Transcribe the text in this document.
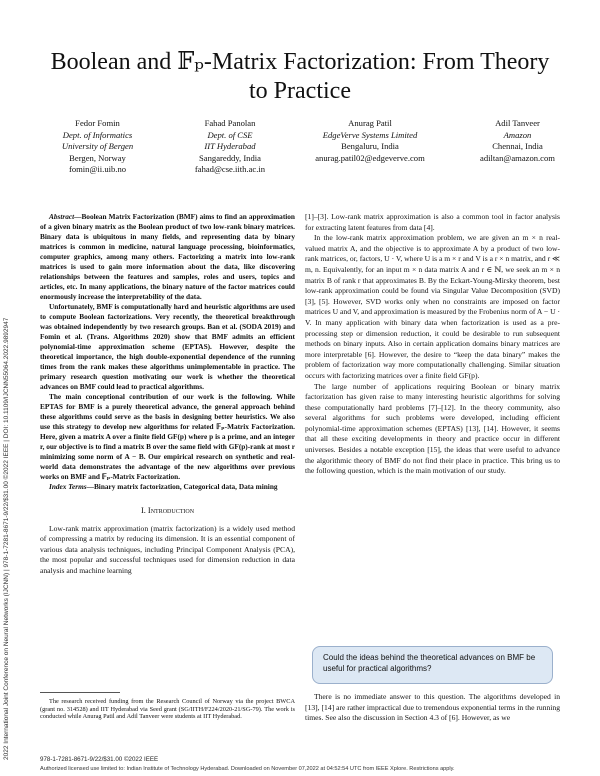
Boolean and 𝔽ₚ-Matrix Factorization: From Theory to Practice
Fedor Fomin
Dept. of Informatics
University of Bergen
Bergen, Norway
fomin@ii.uib.no
Fahad Panolan
Dept. of CSE
IIT Hyderabad
Sangareddy, India
fahad@cse.iith.ac.in
Anurag Patil
EdgeVerve Systems Limited
Bengaluru, India
anurag.patil02@edgeverve.com
Adil Tanveer
Amazon
Chennai, India
adiltan@amazon.com

Abstract—Boolean Matrix Factorization (BMF) aims to find an approximation of a given binary matrix as the Boolean product of two low-rank binary matrices. Binary data is ubiquitous in many fields, and representing data by binary matrices is common in medicine, natural language processing, bioinformatics, computer graphics, among many others. Factorizing a matrix into low-rank matrices is used to gain more information about the data, like discovering relationships between the features and samples, roles and users, topics and articles, etc. In many applications, the binary nature of the factor matrices could enormously increase the interpretability of the data.

Unfortunately, BMF is computationally hard and heuristic algorithms are used to compute Boolean factorizations. Very recently, the theoretical breakthrough was obtained independently by two research groups. Ban et al. (SODA 2019) and Fomin et al. (Trans. Algorithms 2020) show that BMF admits an efficient polynomial-time approximation scheme (EPTAS). However, despite the theoretical importance, the high double-exponential dependence of the running times from the rank makes these algorithms unimplementable in practice. The primary research question motivating our work is whether the theoretical advances on BMF could lead to practical algorithms.

The main conceptional contribution of our work is the following. While EPTAS for BMF is a purely theoretical advance, the general approach behind these algorithms could serve as the basis in designing better heuristics. We also use this strategy to develop new algorithms for related 𝔽ₚ-Matrix Factorization. Here, given a matrix A over a finite field GF(p) where p is a prime, and an integer r, our objective is to find a matrix B over the same field with GF(p)-rank at most r minimizing some norm of A − B. Our empirical research on synthetic and real-world data demonstrates the advantage of the new algorithms over previous works on BMF and 𝔽ₚ-Matrix Factorization.

Index Terms—Binary matrix factorization, Categorical data, Data mining

I. Introduction

Low-rank matrix approximation (matrix factorization) is a widely used method of compressing a matrix by reducing its dimension. It is an essential component of various data analysis techniques, including Principal Component Analysis (PCA), the most popular and successful techniques used for dimension reduction in data analysis and machine learning

The research received funding from the Research Council of Norway via the project BWCA (grant no. 314528) and IIT Hyderabad via Seed grant (SG/IITH/F224/2020-21/SG-79). The work is conducted while Anurag Patil and Adil Tanveer were students at IIT Hyderabad.

[1]–[3]. Low-rank matrix approximation is also a common tool in factor analysis for extracting latent features from data [4].

In the low-rank matrix approximation problem, we are given an m × n real-valued matrix A, and the objective is to approximate A by a product of two low-rank matrices, or, factors, U · V, where U is a m × r and V is a r × n matrix, and r ≪ m, n. Equivalently, for an input m × n data matrix A and r ∈ ℕ, we seek an m × n matrix B of rank r that approximates B. By the Eckart-Young-Mirsky theorem, best low-rank approximation could be found via Singular Value Decomposition (SVD) [3], [5]. However, SVD works only when no constraints are imposed on factor matrices U and V, and approximation is measured by the Frobenius norm of A − U · V. In many application with binary data when factorization is used as a pre-processing step or dimension reduction, it could be desirable to run subsequent methods on binary inputs. Also in certain application domains binary matrices are more interpretable [6]. However, the desire to “keep the data binary” makes the problem of factorization way more computationally challenging. Similar situation occurs with factorizing matrices over a finite field GF(p).

The large number of applications requiring Boolean or binary matrix factorization has given raise to many interesting heuristic algorithms for solving these computationally hard problems [7]–[12]. In the theory community, also several algorithms for such problems were developed, including efficient polynomial-time approximation schemes (EPTAS) [13], [14]. However, it seems that all these exciting developments in theory and practice occur in different universes. Besides a notable exception [15], the ideas that were useful to advance the algorithmic theory of BMF do not find their place in practice. This bring us to the following question, which is the main motivation of our study.

Could the ideas behind the theoretical advances on BMF be useful for practical algorithms?

There is no immediate answer to this question. The algorithms developed in [13], [14] are rather impractical due to tremendous exponential terms in the running times. See also the discussion in Section 4.3 of [6]. However, as we

2022 International Joint Conference on Neural Networks (IJCNN) | 978-1-7281-8671-9/22/$31.00 ©2022 IEEE | DOI: 10.1109/IJCNN55064.2022.9892947	978-1-7281-8671-9/22/$31.00 ©2022 IEEE
Authorized licensed use limited to: Indian Institute of Technology Hyderabad. Downloaded on November 07,2022 at 04:52:54 UTC from IEEE Xplore. Restrictions apply.
